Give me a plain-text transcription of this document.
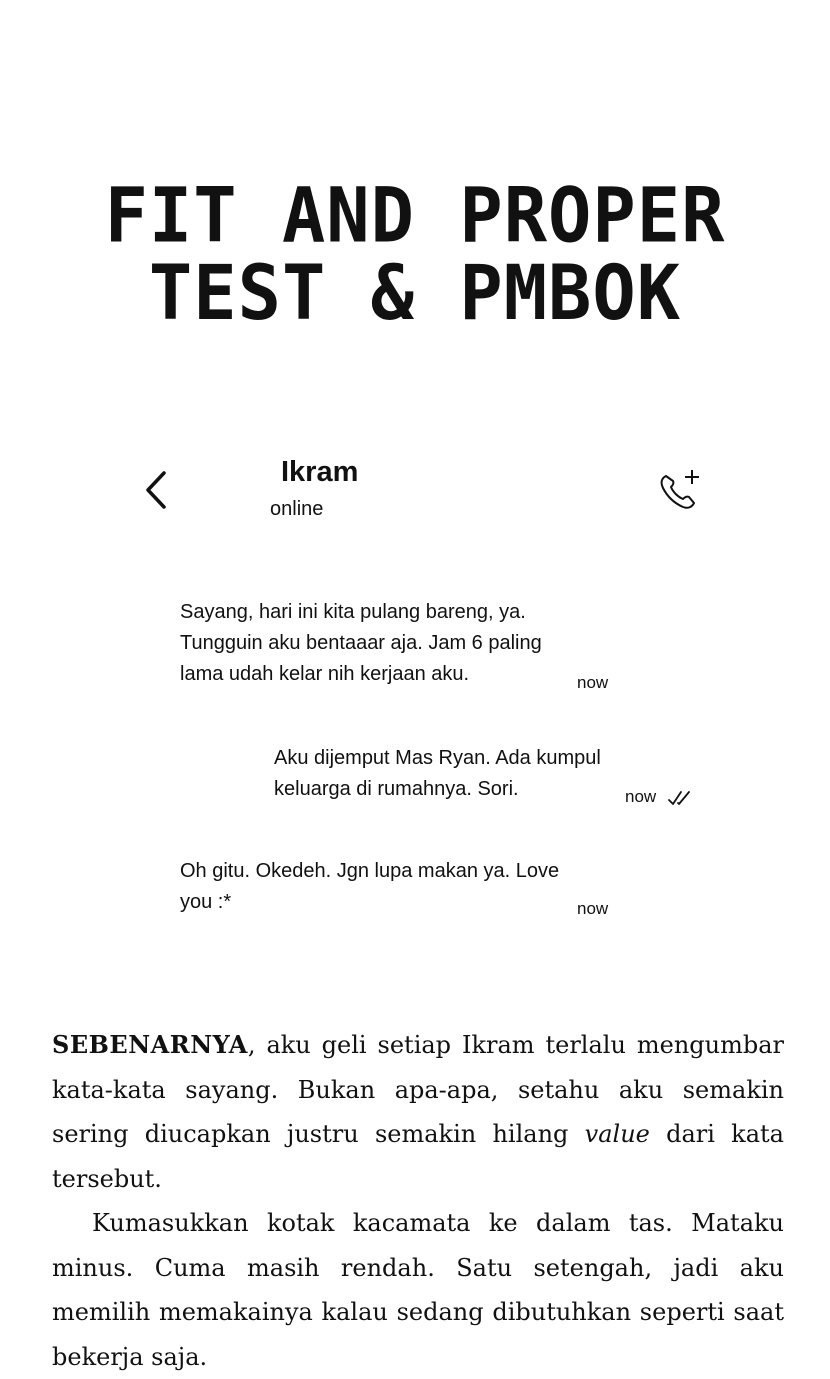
FIT AND PROPER
TEST & PMBOK
Ikram
online
Sayang, hari ini kita pulang bareng, ya.
Tungguin aku bentaaar aja. Jam 6 paling
lama udah kelar nih kerjaan aku.	now
Aku dijemput Mas Ryan. Ada kumpul
keluarga di rumahnya. Sori.	now
Oh gitu. Okedeh. Jgn lupa makan ya. Love
you :*	now

SEBENARNYA, aku geli setiap Ikram terlalu mengumbar kata-kata sayang. Bukan apa-apa, setahu aku semakin sering diucapkan justru semakin hilang value dari kata tersebut.

Kumasukkan kotak kacamata ke dalam tas. Mataku minus. Cuma masih rendah. Satu setengah, jadi aku memilih memakainya kalau sedang dibutuhkan seperti saat bekerja saja.
